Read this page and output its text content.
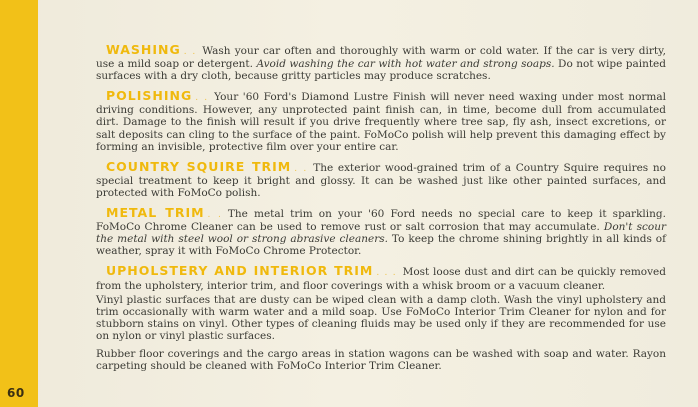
60
WASHING . . Wash your car often and thoroughly with warm or cold water. If the car is very dirty, use a mild soap or detergent. Avoid washing the car with hot water and strong soaps. Do not wipe painted surfaces with a dry cloth, because gritty particles may produce scratches.
POLISHING . . Your '60 Ford's Diamond Lustre Finish will never need waxing under most normal driving conditions. However, any unprotected paint finish can, in time, become dull from accumulated dirt. Damage to the finish will result if you drive frequently where tree sap, fly ash, insect excretions, or salt deposits can cling to the surface of the paint. FoMoCo polish will help prevent this damaging effect by forming an invisible, protective film over your entire car.
COUNTRY SQUIRE TRIM . . The exterior wood-grained trim of a Country Squire requires no special treatment to keep it bright and glossy. It can be washed just like other painted surfaces, and protected with FoMoCo polish.
METAL TRIM . . The metal trim on your '60 Ford needs no special care to keep it sparkling. FoMoCo Chrome Cleaner can be used to remove rust or salt corrosion that may accumulate. Don't scour the metal with steel wool or strong abrasive cleaners. To keep the chrome shining brightly in all kinds of weather, spray it with FoMoCo Chrome Protector.
UPHOLSTERY AND INTERIOR TRIM . . . Most loose dust and dirt can be quickly removed from the upholstery, interior trim, and floor coverings with a whisk broom or a vacuum cleaner.
Vinyl plastic surfaces that are dusty can be wiped clean with a damp cloth. Wash the vinyl upholstery and trim occasionally with warm water and a mild soap. Use FoMoCo Interior Trim Cleaner for nylon and for stubborn stains on vinyl. Other types of cleaning fluids may be used only if they are recommended for use on nylon or vinyl plastic surfaces.
Rubber floor coverings and the cargo areas in station wagons can be washed with soap and water. Rayon carpeting should be cleaned with FoMoCo Interior Trim Cleaner.
